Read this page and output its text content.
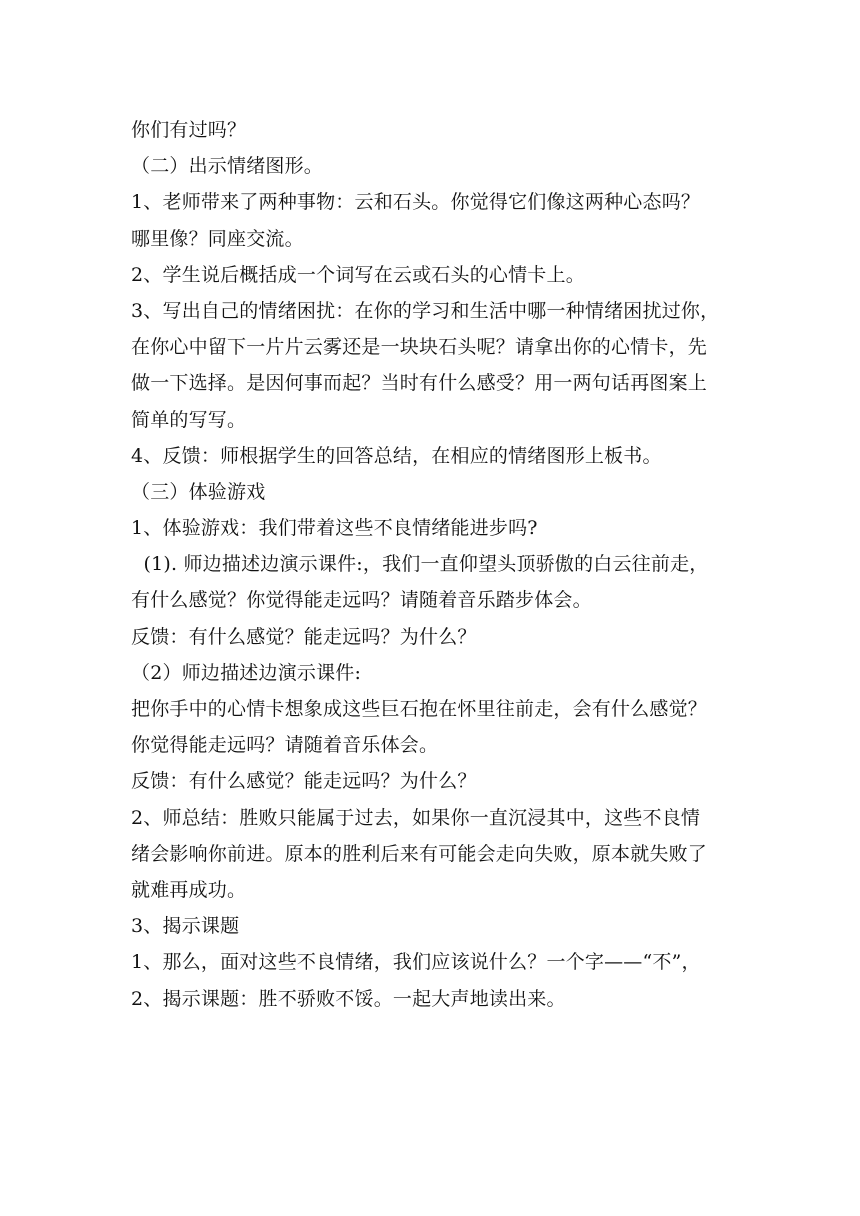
你们有过吗？
（二）出示情绪图形。
1、老师带来了两种事物：云和石头。你觉得它们像这两种心态吗？
哪里像？同座交流。
2、学生说后概括成一个词写在云或石头的心情卡上。
3、写出自己的情绪困扰：在你的学习和生活中哪一种情绪困扰过你，
在你心中留下一片片云雾还是一块块石头呢？请拿出你的心情卡，先
做一下选择。是因何事而起？当时有什么感受？用一两句话再图案上
简单的写写。
4、反馈：师根据学生的回答总结，在相应的情绪图形上板书。
（三）体验游戏
1、体验游戏：我们带着这些不良情绪能进步吗?
(1). 师边描述边演示课件:，我们一直仰望头顶骄傲的白云往前走，
有什么感觉？你觉得能走远吗？请随着音乐踏步体会。
反馈：有什么感觉？能走远吗？为什么？
（2）师边描述边演示课件:
把你手中的心情卡想象成这些巨石抱在怀里往前走，会有什么感觉？
你觉得能走远吗？请随着音乐体会。
反馈：有什么感觉？能走远吗？为什么？
2、师总结：胜败只能属于过去，如果你一直沉浸其中，这些不良情
绪会影响你前进。原本的胜利后来有可能会走向失败，原本就失败了
就难再成功。
3、揭示课题
1、那么，面对这些不良情绪，我们应该说什么？一个字——“不”，
2、揭示课题：胜不骄败不馁。一起大声地读出来。
